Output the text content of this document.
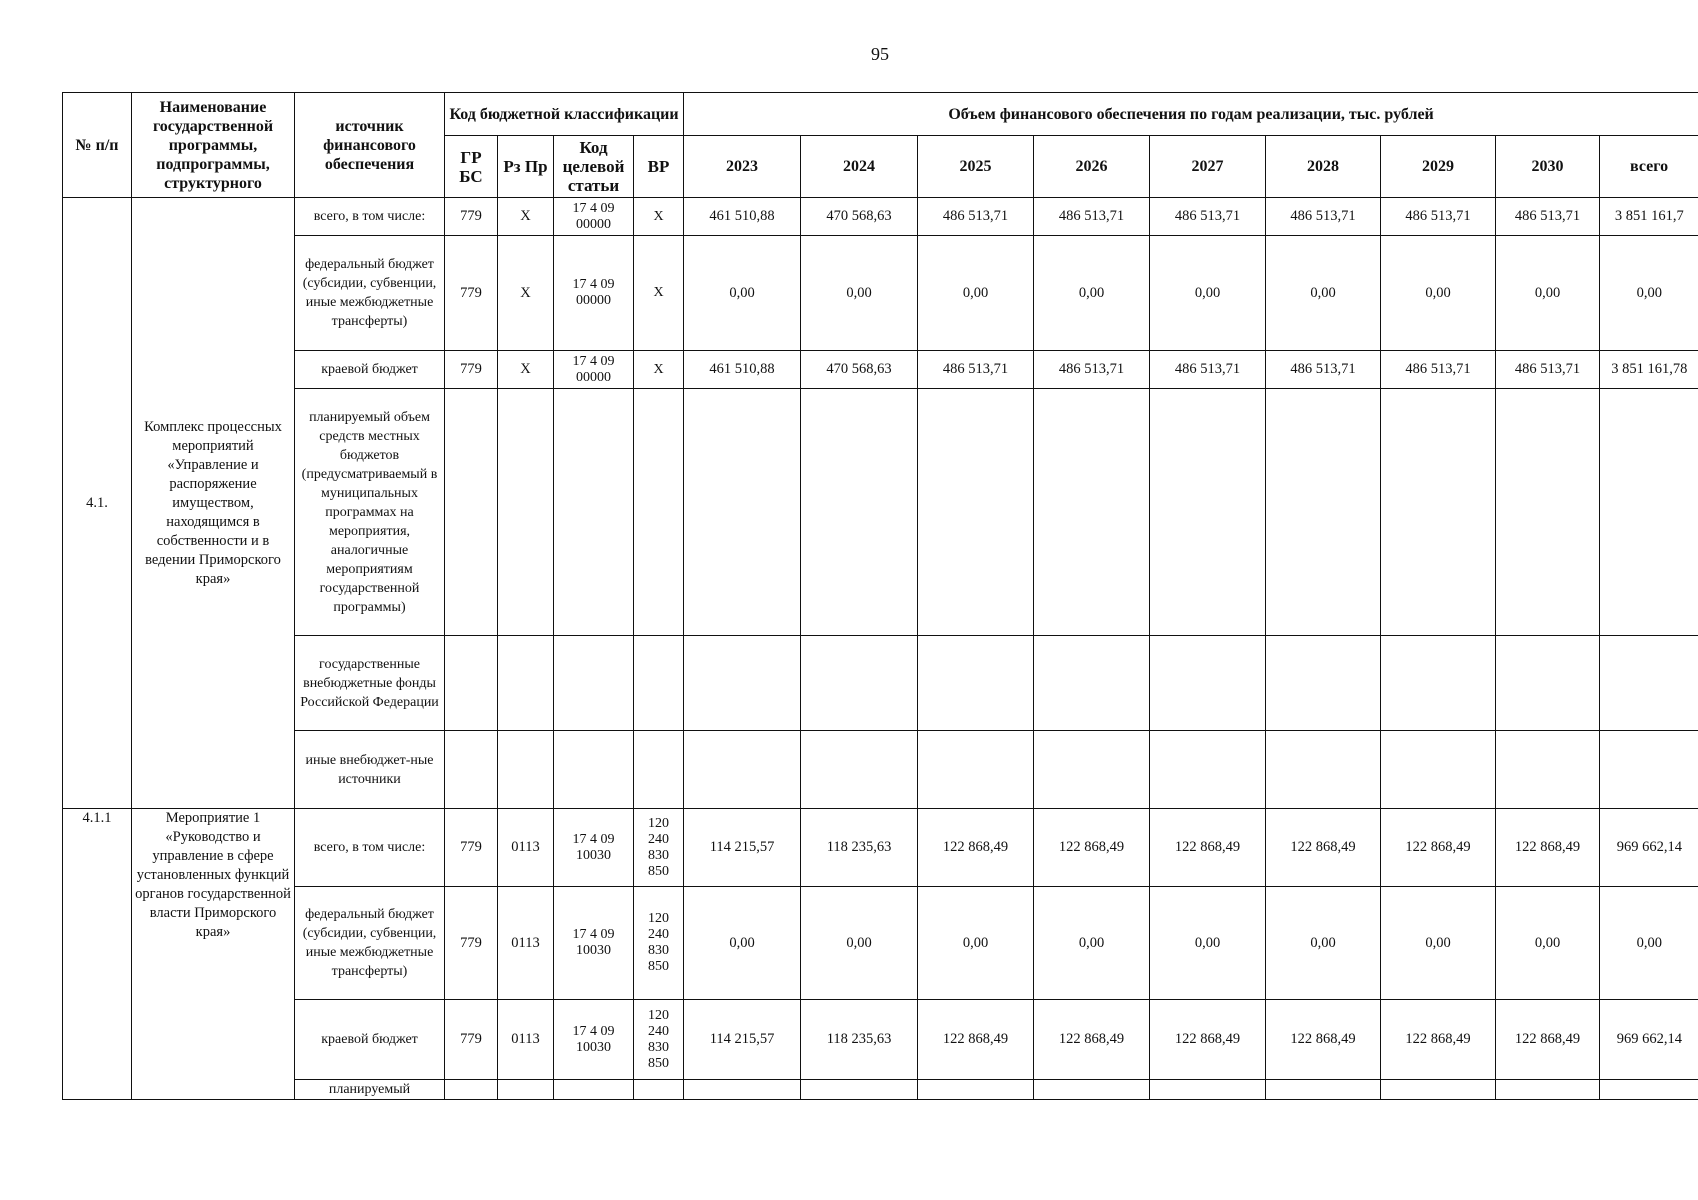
95
№ п/п	Наименование государственной программы, подпрограммы, структурного	источник финансового обеспечения	Код бюджетной классификации				Объем финансового обеспечения по годам реализации, тыс. рублей								
			ГР БС	Рз Пр	Код целевой статьи	ВР	2023	2024	2025	2026	2027	2028	2029	2030	всего
4.1.	Комплекс процессных мероприятий «Управление и распоряжение имуществом, находящимся в собственности и в ведении Приморского края»	всего, в том числе:	779	X	17 4 09 00000	X	461 510,88	470 568,63	486 513,71	486 513,71	486 513,71	486 513,71	486 513,71	486 513,71	3 851 161,7
		федеральный бюджет (субсидии, субвенции, иные межбюджетные трансферты)	779	X	17 4 09 00000	X	0,00	0,00	0,00	0,00	0,00	0,00	0,00	0,00	0,00
		краевой бюджет	779	X	17 4 09 00000	X	461 510,88	470 568,63	486 513,71	486 513,71	486 513,71	486 513,71	486 513,71	486 513,71	3 851 161,78
		планируемый объем средств местных бюджетов (предусматриваемый в муниципальных программах на мероприятия, аналогичные мероприятиям государственной программы)													
		государственные внебюджетные фонды Российской Федерации													
		иные внебюджет-ные источники													
4.1.1	Мероприятие 1 «Руководство и управление в сфере установленных функций органов государственной власти Приморского края»	всего, в том числе:	779	0113	17 4 09 10030	120 240 830 850	114 215,57	118 235,63	122 868,49	122 868,49	122 868,49	122 868,49	122 868,49	122 868,49	969 662,14
		федеральный бюджет (субсидии, субвенции, иные межбюджетные трансферты)	779	0113	17 4 09 10030	120 240 830 850	0,00	0,00	0,00	0,00	0,00	0,00	0,00	0,00	0,00
		краевой бюджет	779	0113	17 4 09 10030	120 240 830 850	114 215,57	118 235,63	122 868,49	122 868,49	122 868,49	122 868,49	122 868,49	122 868,49	969 662,14
		планируемый													
